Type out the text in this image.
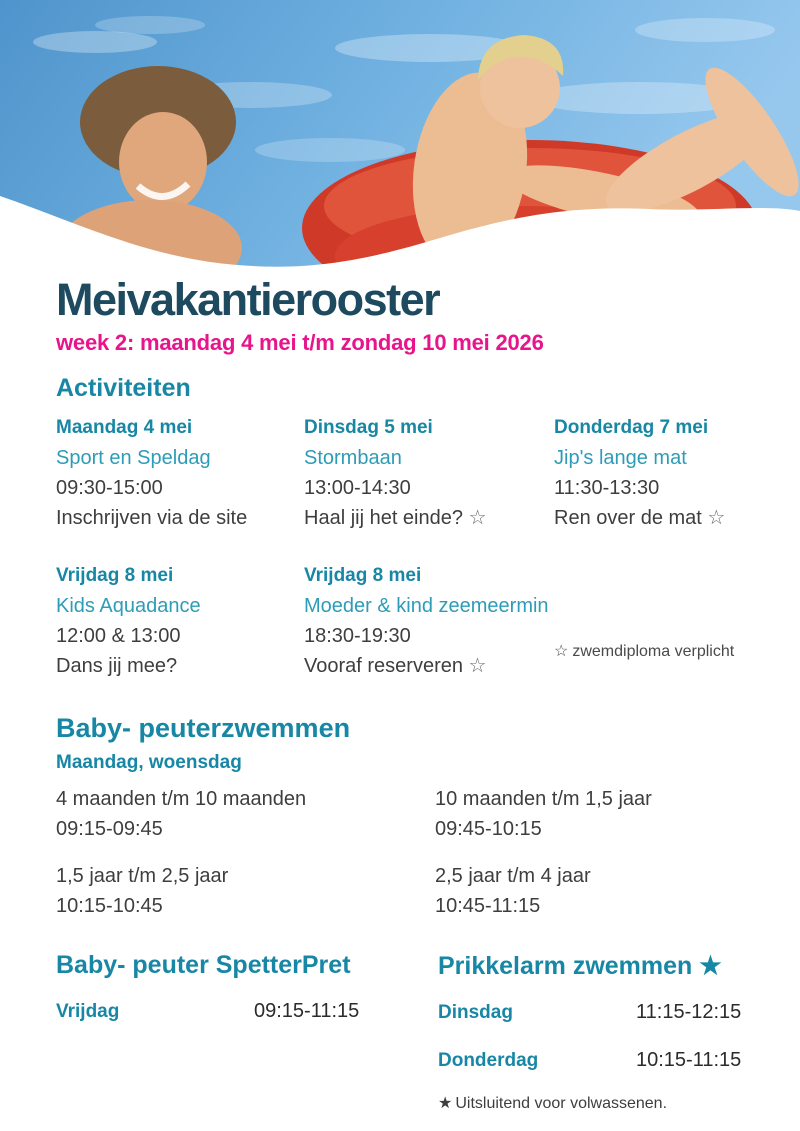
Meivakantierooster

week 2: maandag 4 mei t/m zondag 10 mei 2026

Activiteiten

Maandag 4 mei

Sport en Speldag

09:30-15:00

Inschrijven via de site

Dinsdag 5 mei

Stormbaan

13:00-14:30

Haal jij het einde? ☆

Donderdag 7 mei

Jip's lange mat

11:30-13:30

Ren over de mat ☆

Vrijdag 8 mei

Kids Aquadance

12:00 & 13:00

Dans jij mee?

Vrijdag 8 mei

Moeder & kind zeemeermin

18:30-19:30

Vooraf reserveren ☆

☆ zwemdiploma verplicht

Baby- peuterzwemmen

Maandag, woensdag

4 maanden t/m 10 maanden

09:15-09:45

10 maanden t/m 1,5 jaar

09:45-10:15

1,5 jaar t/m 2,5 jaar

10:15-10:45

2,5 jaar t/m 4 jaar

10:45-11:15

Baby- peuter SpetterPret

Vrijdag	09:15-11:15

Prikkelarm zwemmen ★

Dinsdag	11:15-12:15

Donderdag	10:15-11:15

★ Uitsluitend voor volwassenen.
